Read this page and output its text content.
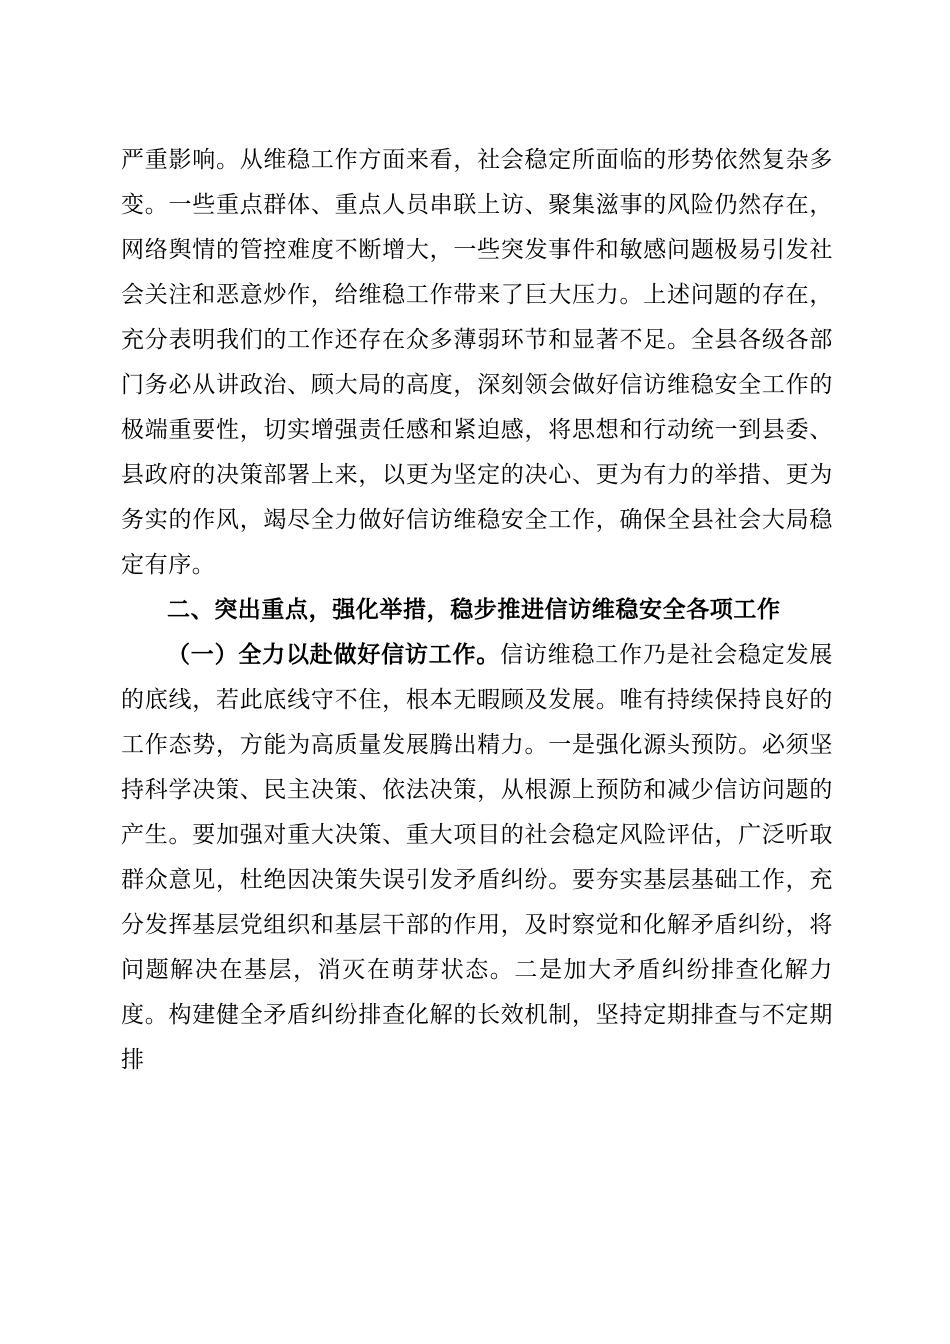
严重影响。从维稳工作方面来看，社会稳定所面临的形势依然复杂多变。一些重点群体、重点人员串联上访、聚集滋事的风险仍然存在，网络舆情的管控难度不断增大，一些突发事件和敏感问题极易引发社会关注和恶意炒作，给维稳工作带来了巨大压力。上述问题的存在，充分表明我们的工作还存在众多薄弱环节和显著不足。全县各级各部门务必从讲政治、顾大局的高度，深刻领会做好信访维稳安全工作的极端重要性，切实增强责任感和紧迫感，将思想和行动统一到县委、县政府的决策部署上来，以更为坚定的决心、更为有力的举措、更为务实的作风，竭尽全力做好信访维稳安全工作，确保全县社会大局稳定有序。

二、突出重点，强化举措，稳步推进信访维稳安全各项工作

（一）全力以赴做好信访工作。信访维稳工作乃是社会稳定发展的底线，若此底线守不住，根本无暇顾及发展。唯有持续保持良好的工作态势，方能为高质量发展腾出精力。一是强化源头预防。必须坚持科学决策、民主决策、依法决策，从根源上预防和减少信访问题的产生。要加强对重大决策、重大项目的社会稳定风险评估，广泛听取群众意见，杜绝因决策失误引发矛盾纠纷。要夯实基层基础工作，充分发挥基层党组织和基层干部的作用，及时察觉和化解矛盾纠纷，将问题解决在基层，消灭在萌芽状态。二是加大矛盾纠纷排查化解力度。构建健全矛盾纠纷排查化解的长效机制，坚持定期排查与不定期排
